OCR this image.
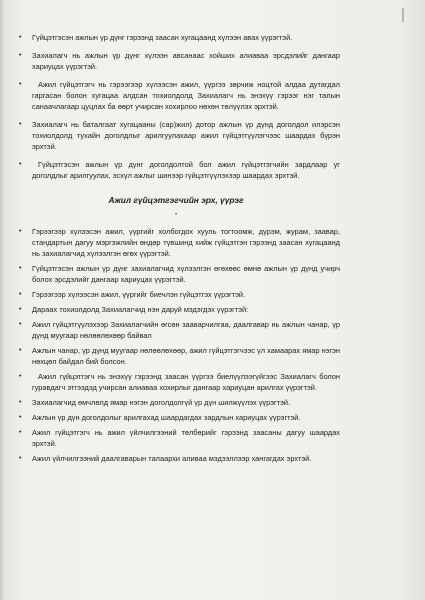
•	Гүйцэтгэсэн ажлын үр дүнг гэрээнд заасан хугацаанд хүлээн авах үүрэгтэй.
•	Захиалагч нь ажлын үр дүнг хүлээн авсанаас хойших алиаваа эрсдэлийг дангаар хариуцах үүрэгтэй.
•	Ажил гүйцэтгэгч нь гэрээгээр хүлээсэн ажил, үүргээ зөрчиж ноцтой алдаа дутагдал гаргасан болон хугацаа алдсан тохиолдолд Захиалагч нь энэхүү гэрээг нэг талын санаачлагаар цуцлах ба өөрт учирсан хохирлоо нөхөн төлүүлэх эрхтэй.
•	Захиалагч нь баталгаат хугацааны (сар)жил) дотор ажлын үр дүнд доголдол илэрсэн тохиолдолд тухайн доголдлыг арилгуулахаар ажил гүйцэтгүүлэгчээс шаардах бүрэн эрхтэй.
•	Гүйцэтгэсэн ажлын үр дүнг доголдолтой бол ажил гүйцэтгэгчийн зардлаар уг доголдлыг арилгуулах, эсхүл ажлыг шинээр гүйцэтгүүлэхээр шаардах эрхтэй.
Ажил гүйцэтгэгчийн эрх, үүрэг
•
•	Гэрээгээр хүлээсэн ажил, үүргийг холбогдох хууль тогтоомж, дүрэм, журам, заавар, стандартын дагуу мэргэжлийн өндөр түвшинд хийж гүйцэтгэн гэрээнд заасан хугацаанд нь захиалагчид хүлээлгэн өгөх үүрэгтэй.
•	Гүйцэтгэсэн ажлын үр дүнг захиалагчид хүлээлгэн өгөхөөс өмнө ажлын үр дүнд учирч болох эрсдэлийг дангаар хариуцах үүрэгтэй.
•	Гэрээгээр хүлээсэн ажил, үүргийг биечлэн гүйцэтгэх үүрэгтэй.
•	Дараах тохиолдолд Захиалагчид нэн даруй мэдэгдэх үүрэгтэй:
•	Ажил гүйцэтгүүлэхээр Захиалагчийн өгсөн зааварчилгаа, даалгавар нь ажлын чанар, үр дүнд муугаар нөлөөлөхөөр байвал
•	Ажлын чанар, үр дүнд муугаар нөлөөлөхөөр, ажил гүйцэтгэгчээс үл хамаарах ямар нэгэн нөхцөл байдал бий болсон.
•	Ажил гүйцэтгэгч нь энэхүү гэрээнд заасан үүргээ биелүүлээгүйгээс Захиалагч болон гуравдагч этгээдэд учирсан алиаваа хохирлыг дангаар хариуцан арилгах үүрэгтэй.
•	Захиалагчид өмчлөлд ямар нэгэн доголдолгүй үр дүн шилжүүлэх үүрэгтэй.
•	Ажлын үр дүн доголдолыг арилгахад шаардагдах зардлын хариуцах үүрэгтэй.
•	Ажил гүйцэтгэгч нь ажил үйлчилгээний төлбөрийг гэрээнд заасаны дагуу шаардах эрхтэй.
•	Ажил үйлчилгээний даалгаварын талаархи аливаа мэдээллээр хангагдах эрхтэй.
